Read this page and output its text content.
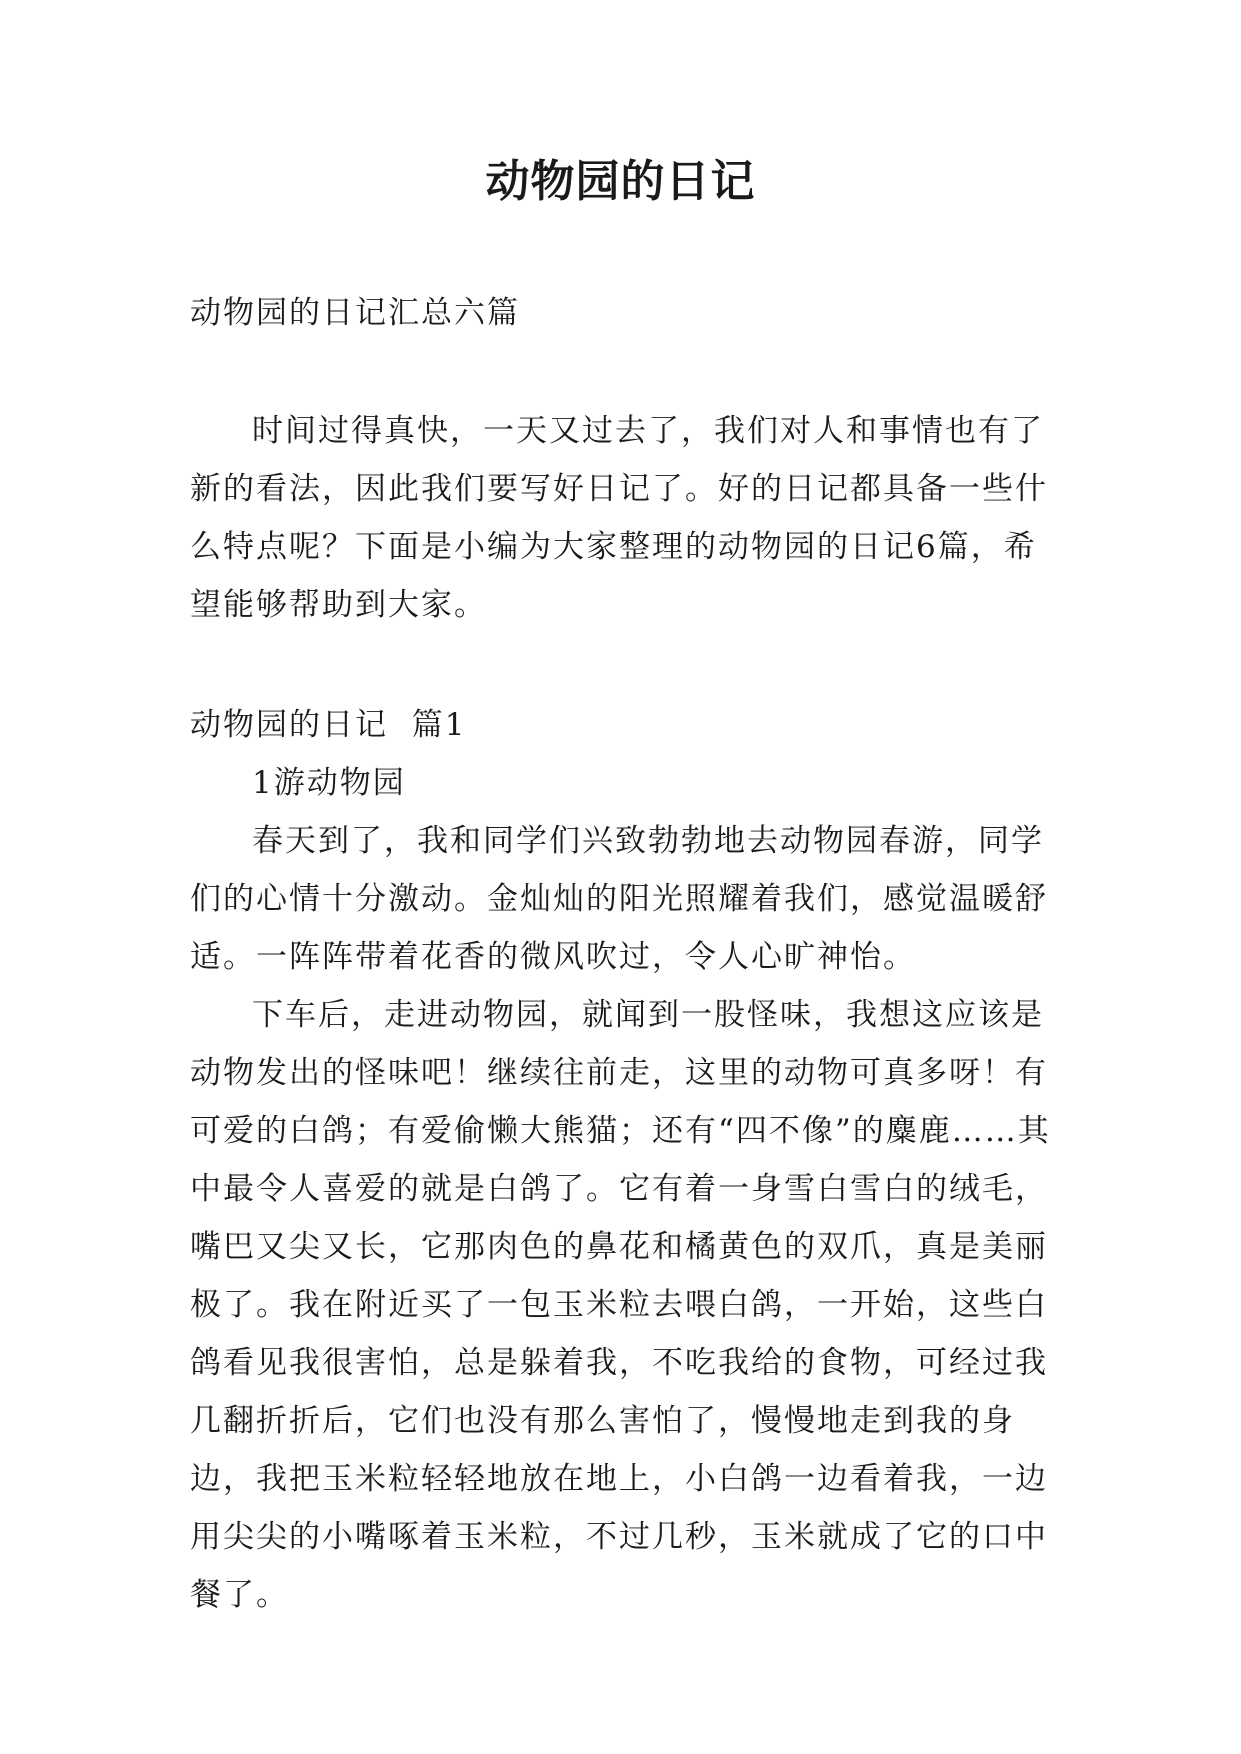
动物园的日记

动物园的日记汇总六篇

时间过得真快，一天又过去了，我们对人和事情也有了新的看法，因此我们要写好日记了。好的日记都具备一些什么特点呢？下面是小编为大家整理的动物园的日记6篇，希望能够帮助到大家。

动物园的日记  篇1

1游动物园

春天到了，我和同学们兴致勃勃地去动物园春游，同学们的心情十分激动。金灿灿的阳光照耀着我们，感觉温暖舒适。一阵阵带着花香的微风吹过，令人心旷神怡。

下车后，走进动物园，就闻到一股怪味，我想这应该是动物发出的怪味吧！继续往前走，这里的动物可真多呀！有可爱的白鸽；有爱偷懒大熊猫；还有“四不像”的麋鹿……其中最令人喜爱的就是白鸽了。它有着一身雪白雪白的绒毛，嘴巴又尖又长，它那肉色的鼻花和橘黄色的双爪，真是美丽极了。我在附近买了一包玉米粒去喂白鸽，一开始，这些白鸽看见我很害怕，总是躲着我，不吃我给的食物，可经过我几翻折折后，它们也没有那么害怕了，慢慢地走到我的身边，我把玉米粒轻轻地放在地上，小白鸽一边看着我，一边用尖尖的小嘴啄着玉米粒，不过几秒，玉米就成了它的口中餐了。
